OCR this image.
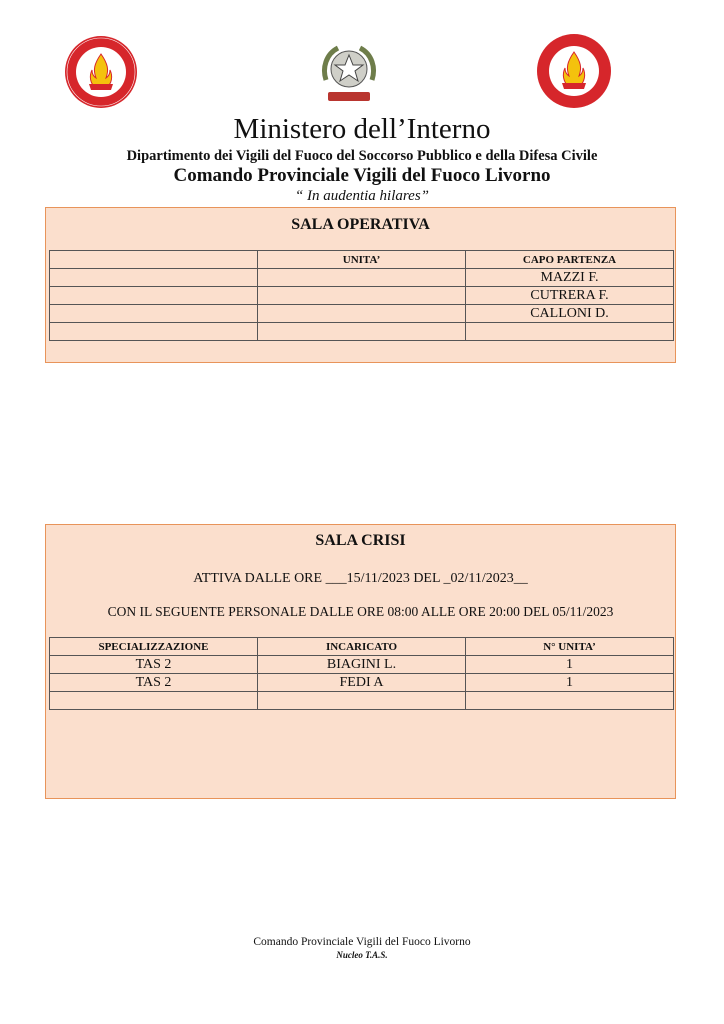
Ministero dell’Interno
Dipartimento dei Vigili del Fuoco del Soccorso Pubblico e della Difesa Civile
Comando Provinciale Vigili del Fuoco Livorno
“ In audentia hilares”
SALA OPERATIVA
	UNITA’	CAPO PARTENZA
		MAZZI F.
		CUTRERA F.
		CALLONI D.

SALA CRISI
ATTIVA DALLE ORE ___15/11/2023 DEL _02/11/2023__
CON IL SEGUENTE PERSONALE DALLE ORE 08:00 ALLE ORE 20:00 DEL 05/11/2023
SPECIALIZZAZIONE	INCARICATO	N° UNITA’
TAS 2	BIAGINI L.	1
TAS 2	FEDI A	1

Comando Provinciale Vigili del Fuoco Livorno
Nucleo T.A.S.
